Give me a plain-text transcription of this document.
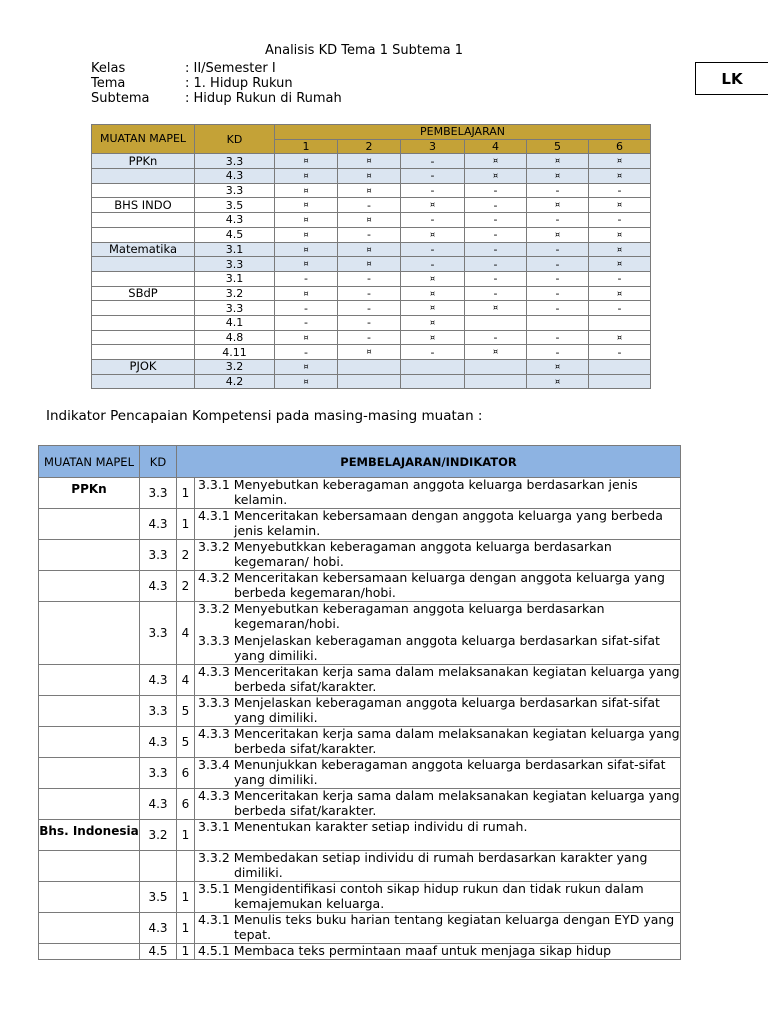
Analisis KD Tema 1 Subtema 1
Kelas	: II/Semester I
Tema	: 1. Hidup Rukun
Subtema	: Hidup Rukun di Rumah
LK
MUATAN MAPEL	KD	PEMBELAJARAN					
		1	2	3	4	5	6
PPKn	3.3	¤	¤	-	¤	¤	¤
	4.3	¤	¤	-	¤	¤	¤
	3.3	¤	¤	-	-	-	-
BHS INDO	3.5	¤	-	¤	-	¤	¤
	4.3	¤	¤	-	-	-	-
	4.5	¤	-	¤	-	¤	¤
Matematika	3.1	¤	¤	-	-	-	¤
	3.3	¤	¤	-	-	-	¤
	3.1	-	-	¤	-	-	-
SBdP	3.2	¤	-	¤	-	-	¤
	3.3	-	-	¤	¤	-	-
	4.1	-	-	¤			
	4.8	¤	-	¤	-	-	¤
	4.11	-	¤	-	¤	-	-
PJOK	3.2	¤				¤	
	4.2	¤				¤	
Indikator Pencapaian Kompetensi pada masing-masing muatan :
MUATAN MAPEL	KD	PEMBELAJARAN/INDIKATOR	
PPKn	3.3	1	3.3.1 Menyebutkan keberagaman anggota keluarga berdasarkan jenis kelamin.

	4.3	1	4.3.1 Menceritakan kebersamaan dengan anggota keluarga yang berbeda jenis kelamin.

	3.3	2	3.3.2 Menyebutkkan keberagaman anggota keluarga berdasarkan kegemaran/ hobi.

	4.3	2	4.3.2 Menceritakan kebersamaan keluarga dengan anggota keluarga yang berbeda kegemaran/hobi.

	3.3	4	3.3.2 Menyebutkan keberagaman anggota keluarga berdasarkan kegemaran/hobi.
3.3.3 Menjelaskan keberagaman anggota keluarga berdasarkan sifat-sifat yang dimiliki.

	4.3	4	4.3.3 Menceritakan kerja sama dalam melaksanakan kegiatan keluarga yang berbeda sifat/karakter.

	3.3	5	3.3.3 Menjelaskan keberagaman anggota keluarga berdasarkan sifat-sifat yang dimiliki.

	4.3	5	4.3.3 Menceritakan kerja sama dalam melaksanakan kegiatan keluarga yang berbeda sifat/karakter.

	3.3	6	3.3.4 Menunjukkan keberagaman anggota keluarga berdasarkan sifat-sifat yang dimiliki.

	4.3	6	4.3.3 Menceritakan kerja sama dalam melaksanakan kegiatan keluarga yang berbeda sifat/karakter.

Bhs. Indonesia	3.2	1	3.3.1 Menentukan karakter setiap individu di rumah.

			3.3.2 Membedakan setiap individu di rumah berdasarkan karakter yang dimiliki.

	3.5	1	3.5.1 Mengidentifikasi contoh sikap hidup rukun dan tidak rukun dalam kemajemukan keluarga.

	4.3	1	4.3.1 Menulis teks buku harian tentang kegiatan keluarga dengan EYD yang tepat.

	4.5	1	4.5.1 Membaca teks permintaan maaf untuk menjaga sikap hidup
